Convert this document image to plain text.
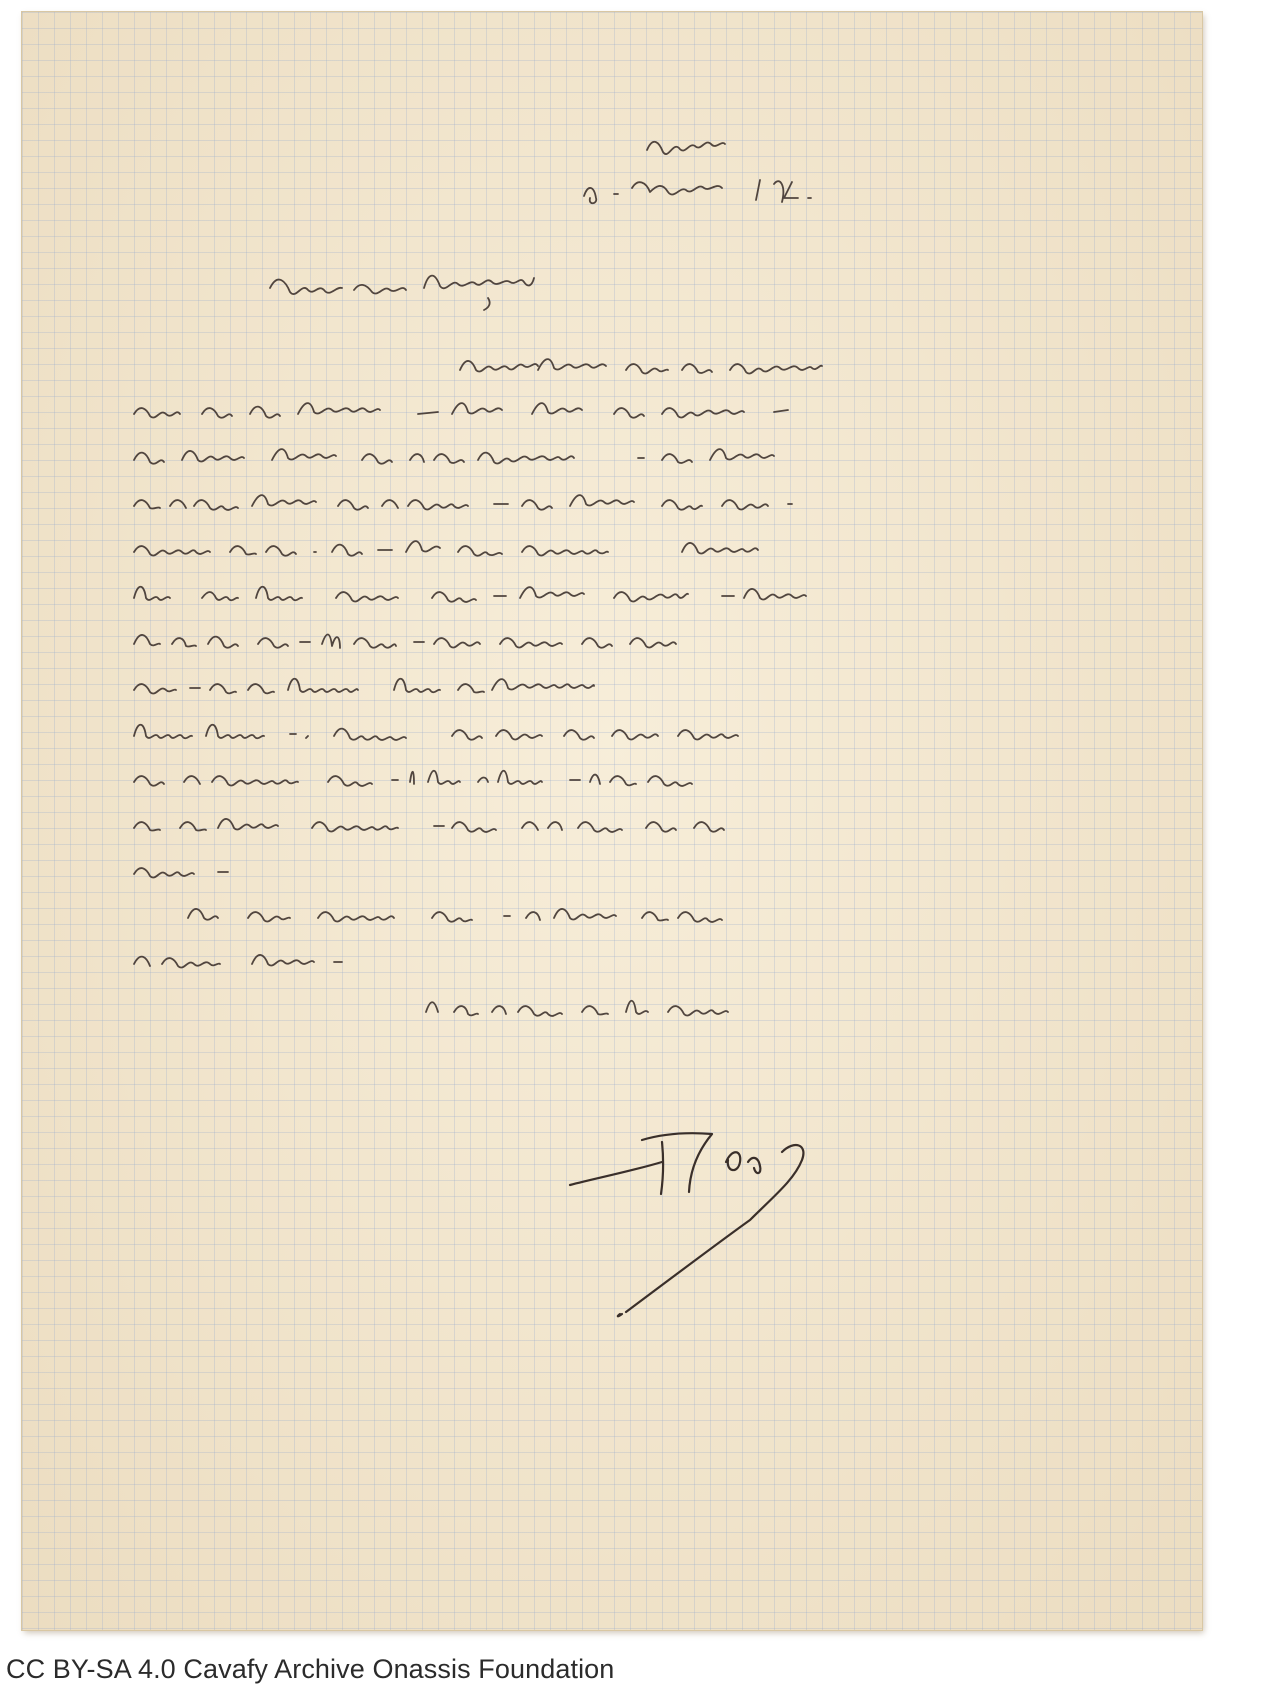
CC BY-SA 4.0 Cavafy Archive Onassis Foundation
